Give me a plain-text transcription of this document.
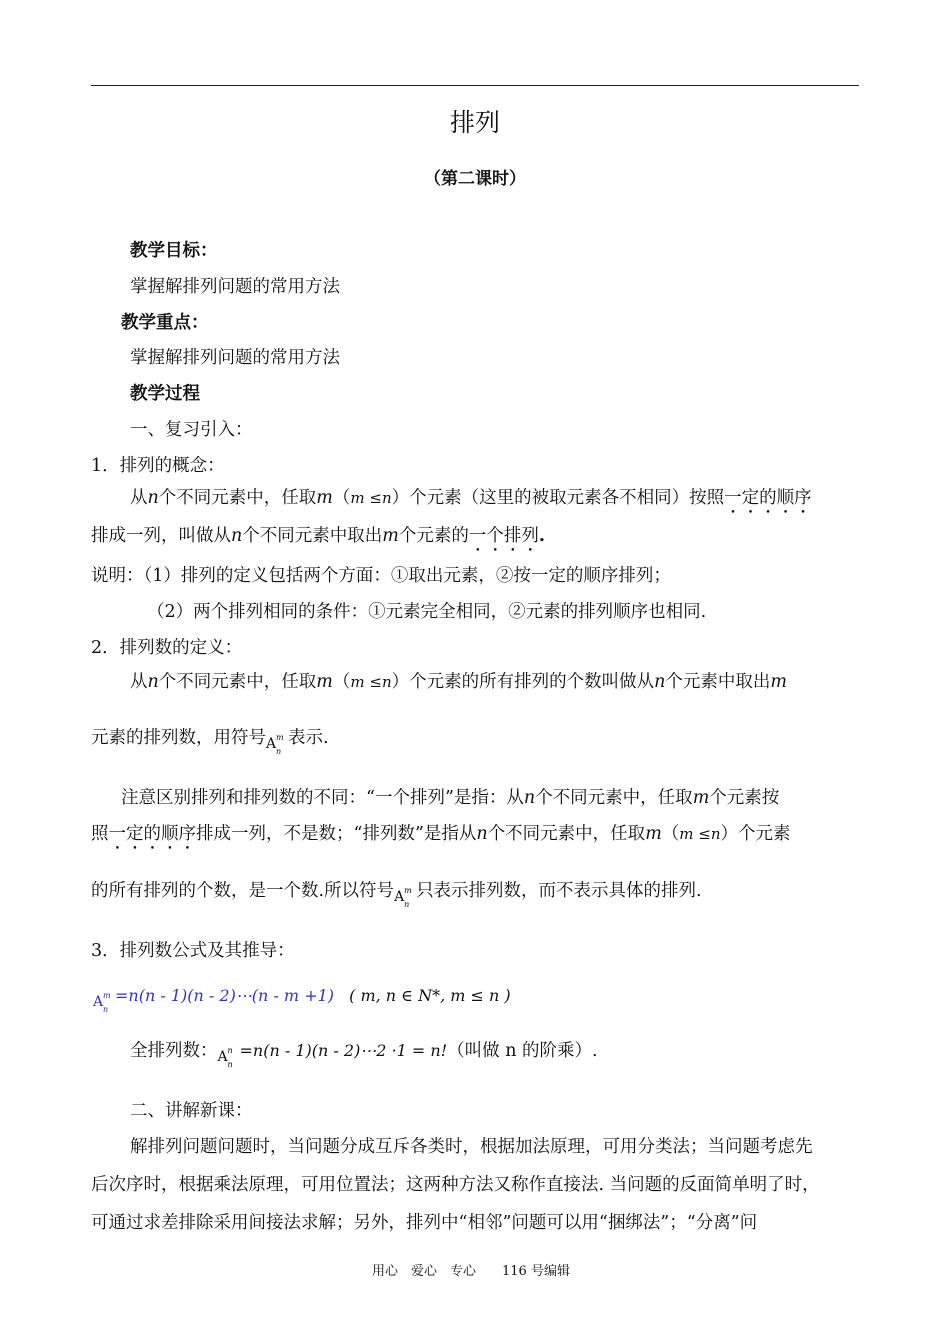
排列
（第二课时）
教学目标：
掌握解排列问题的常用方法
教学重点：
掌握解排列问题的常用方法
教学过程
一、复习引入：
1．排列的概念：
从n个不同元素中，任取m（m ≤n）个元素（这里的被取元素各不相同）按照一定的顺序
排成一列，叫做从n个不同元素中取出m个元素的一个排列.
说明：（1）排列的定义包括两个方面：①取出元素，②按一定的顺序排列；
（2）两个排列相同的条件：①元素完全相同，②元素的排列顺序也相同.
2．排列数的定义：
从n个不同元素中，任取m（m ≤n）个元素的所有排列的个数叫做从n个元素中取出m
元素的排列数，用符号 A m
n
表示.
注意区别排列和排列数的不同：“一个排列”是指：从n个不同元素中，任取m个元素按
照一定的顺序排成一列，不是数；“排列数”是指从n个不同元素中，任取m（m ≤n）个元素
的所有排列的个数，是一个数.所以符号 A m
n
只表示排列数，而不表示具体的排列.
3．排列数公式及其推导：
A m
n
=n(n - 1)(n - 2)⋯(n - m +1) ( m, n ∈ N*, m ≤ n )
全排列数： A n
n
=n(n - 1)(n - 2)⋯2 ·1 = n!（叫做 n 的阶乘）.
二、讲解新课：
解排列问题问题时，当问题分成互斥各类时，根据加法原理，可用分类法；当问题考虑先
后次序时，根据乘法原理，可用位置法；这两种方法又称作直接法. 当问题的反面简单明了时，
可通过求差排除采用间接法求解；另外，排列中“相邻”问题可以用“捆绑法”；“分离”问
用心　爱心　专心　　116 号编辑
